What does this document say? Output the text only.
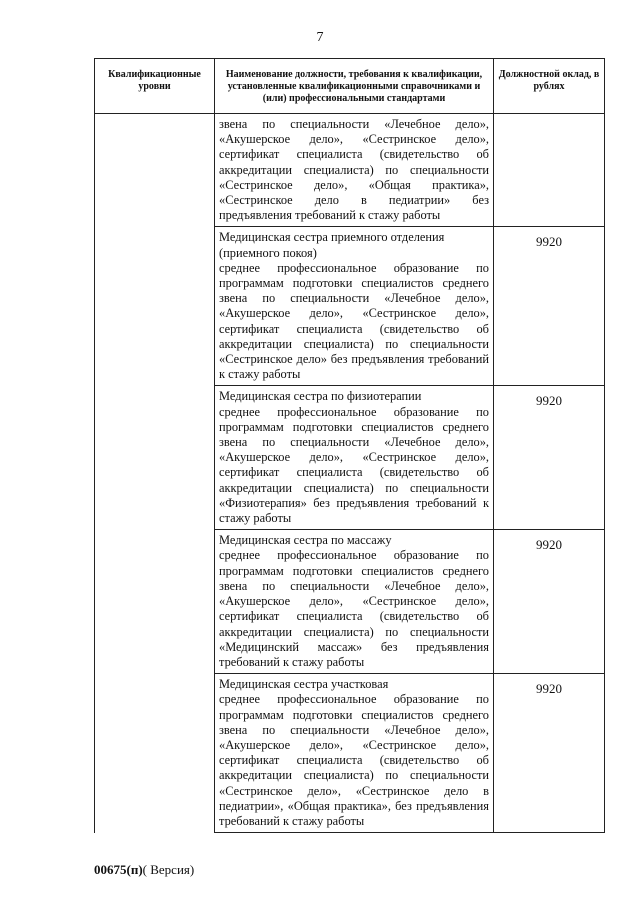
7
Квалификационные уровни	Наименование должности, требования к квалификации, установленные квалификационными справочниками и (или) профессиональными стандартами	Должностной оклад, в рублях

	звена по специальности «Лечебное дело», «Акушерское дело», «Сестринское дело», сертификат специалиста (свидетельство об аккредитации специалиста) по специальности «Сестринское дело», «Общая практика», «Сестринское дело в педиатрии» без предъявления требований к стажу работы	

	Медицинская сестра приемного отделения (приемного покоя)
среднее профессиональное образование по программам подготовки специалистов среднего звена по специальности «Лечебное дело», «Акушерское дело», «Сестринское дело», сертификат специалиста (свидетельство об аккредитации специалиста) по специальности «Сестринское дело» без предъявления требований к стажу работы	9920

	Медицинская сестра по физиотерапии
среднее профессиональное образование по программам подготовки специалистов среднего звена по специальности «Лечебное дело», «Акушерское дело», «Сестринское дело», сертификат специалиста (свидетельство об аккредитации специалиста) по специальности «Физиотерапия» без предъявления требований к стажу работы	9920

	Медицинская сестра по массажу
среднее профессиональное образование по программам подготовки специалистов среднего звена по специальности «Лечебное дело», «Акушерское дело», «Сестринское дело», сертификат специалиста (свидетельство об аккредитации специалиста) по специальности «Медицинский массаж» без предъявления требований к стажу работы	9920

	Медицинская сестра участковая
среднее профессиональное образование по программам подготовки специалистов среднего звена по специальности «Лечебное дело», «Акушерское дело», «Сестринское дело», сертификат специалиста (свидетельство об аккредитации специалиста) по специальности «Сестринское дело», «Сестринское дело в педиатрии», «Общая практика», без предъявления требований к стажу работы	9920
00675(п)( Версия)
